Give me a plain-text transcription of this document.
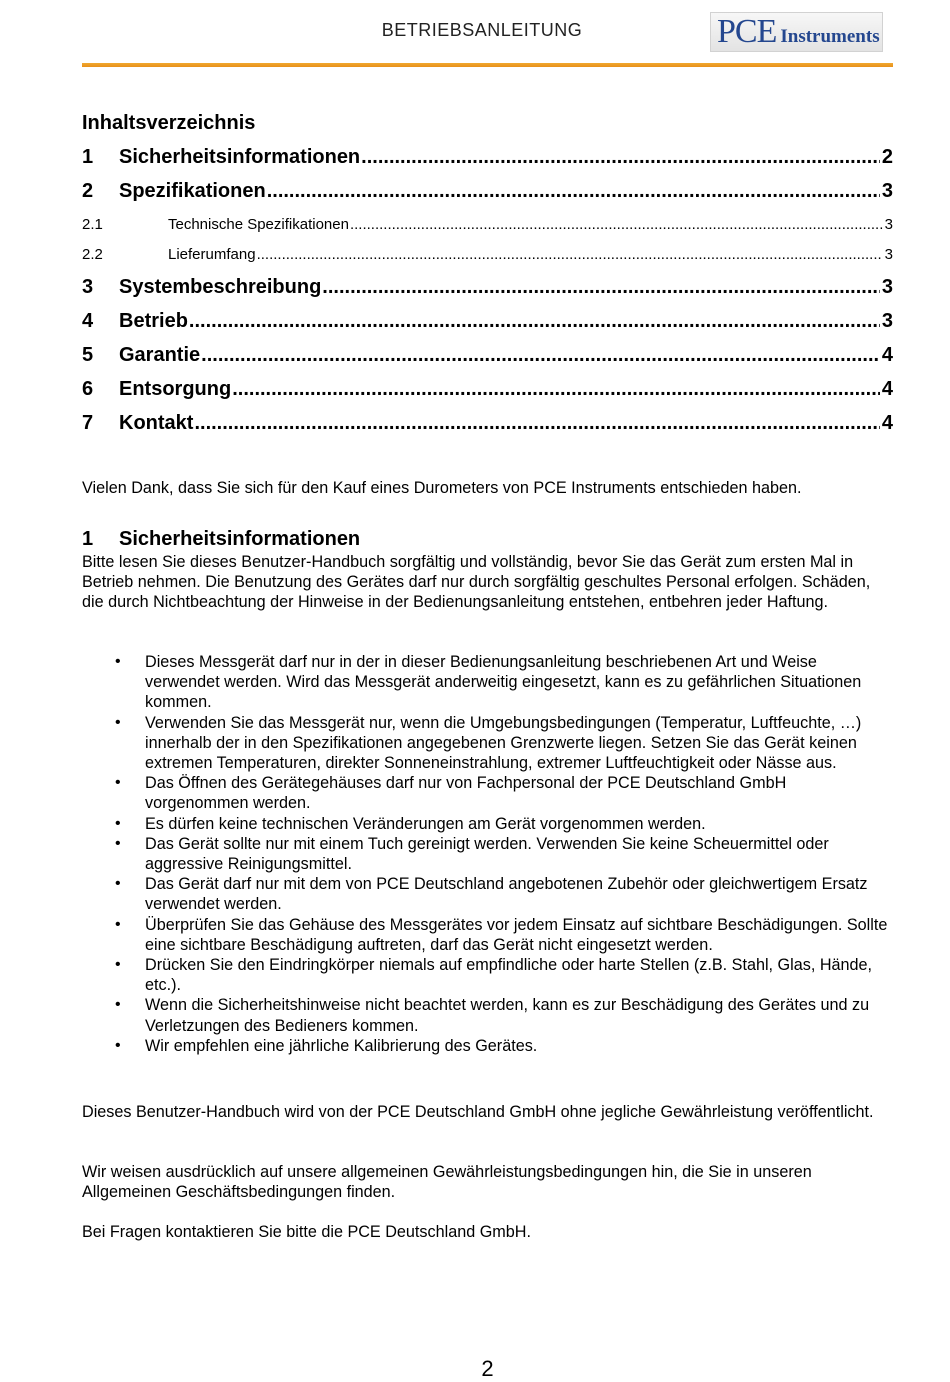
BETRIEBSANLEITUNG	PCE Instruments
Inhaltsverzeichnis
1	Sicherheitsinformationen .....	2
2	Spezifikationen .....	3
2.1	Technische Spezifikationen .....	3
2.2	Lieferumfang .....	3
3	Systembeschreibung .....	3
4	Betrieb .....	3
5	Garantie .....	4
6	Entsorgung .....	4
7	Kontakt .....	4

Vielen Dank, dass Sie sich für den Kauf eines Durometers von PCE Instruments entschieden haben.

1	Sicherheitsinformationen

Bitte lesen Sie dieses Benutzer-Handbuch sorgfältig und vollständig, bevor Sie das Gerät zum ersten Mal in Betrieb nehmen. Die Benutzung des Gerätes darf nur durch sorgfältig geschultes Personal erfolgen. Schäden, die durch Nichtbeachtung der Hinweise in der Bedienungsanleitung entstehen, entbehren jeder Haftung.

• Dieses Messgerät darf nur in der in dieser Bedienungsanleitung beschriebenen Art und Weise verwendet werden. Wird das Messgerät anderweitig eingesetzt, kann es zu gefährlichen Situationen kommen.
• Verwenden Sie das Messgerät nur, wenn die Umgebungsbedingungen (Temperatur, Luftfeuchte, …) innerhalb der in den Spezifikationen angegebenen Grenzwerte liegen. Setzen Sie das Gerät keinen extremen Temperaturen, direkter Sonneneinstrahlung, extremer Luftfeuchtigkeit oder Nässe aus.
• Das Öffnen des Gerätegehäuses darf nur von Fachpersonal der PCE Deutschland GmbH vorgenommen werden.
• Es dürfen keine technischen Veränderungen am Gerät vorgenommen werden.
• Das Gerät sollte nur mit einem Tuch gereinigt werden. Verwenden Sie keine Scheuermittel oder aggressive Reinigungsmittel.
• Das Gerät darf nur mit dem von PCE Deutschland angebotenen Zubehör oder gleichwertigem Ersatz verwendet werden.
• Überprüfen Sie das Gehäuse des Messgerätes vor jedem Einsatz auf sichtbare Beschädigungen. Sollte eine sichtbare Beschädigung auftreten, darf das Gerät nicht eingesetzt werden.
• Drücken Sie den Eindringkörper niemals auf empfindliche oder harte Stellen (z.B. Stahl, Glas, Hände, etc.).
• Wenn die Sicherheitshinweise nicht beachtet werden, kann es zur Beschädigung des Gerätes und zu Verletzungen des Bedieners kommen.
• Wir empfehlen eine jährliche Kalibrierung des Gerätes.

Dieses Benutzer-Handbuch wird von der PCE Deutschland GmbH ohne jegliche Gewährleistung veröffentlicht.

Wir weisen ausdrücklich auf unsere allgemeinen Gewährleistungsbedingungen hin, die Sie in unseren Allgemeinen Geschäftsbedingungen finden.

Bei Fragen kontaktieren Sie bitte die PCE Deutschland GmbH.

2
